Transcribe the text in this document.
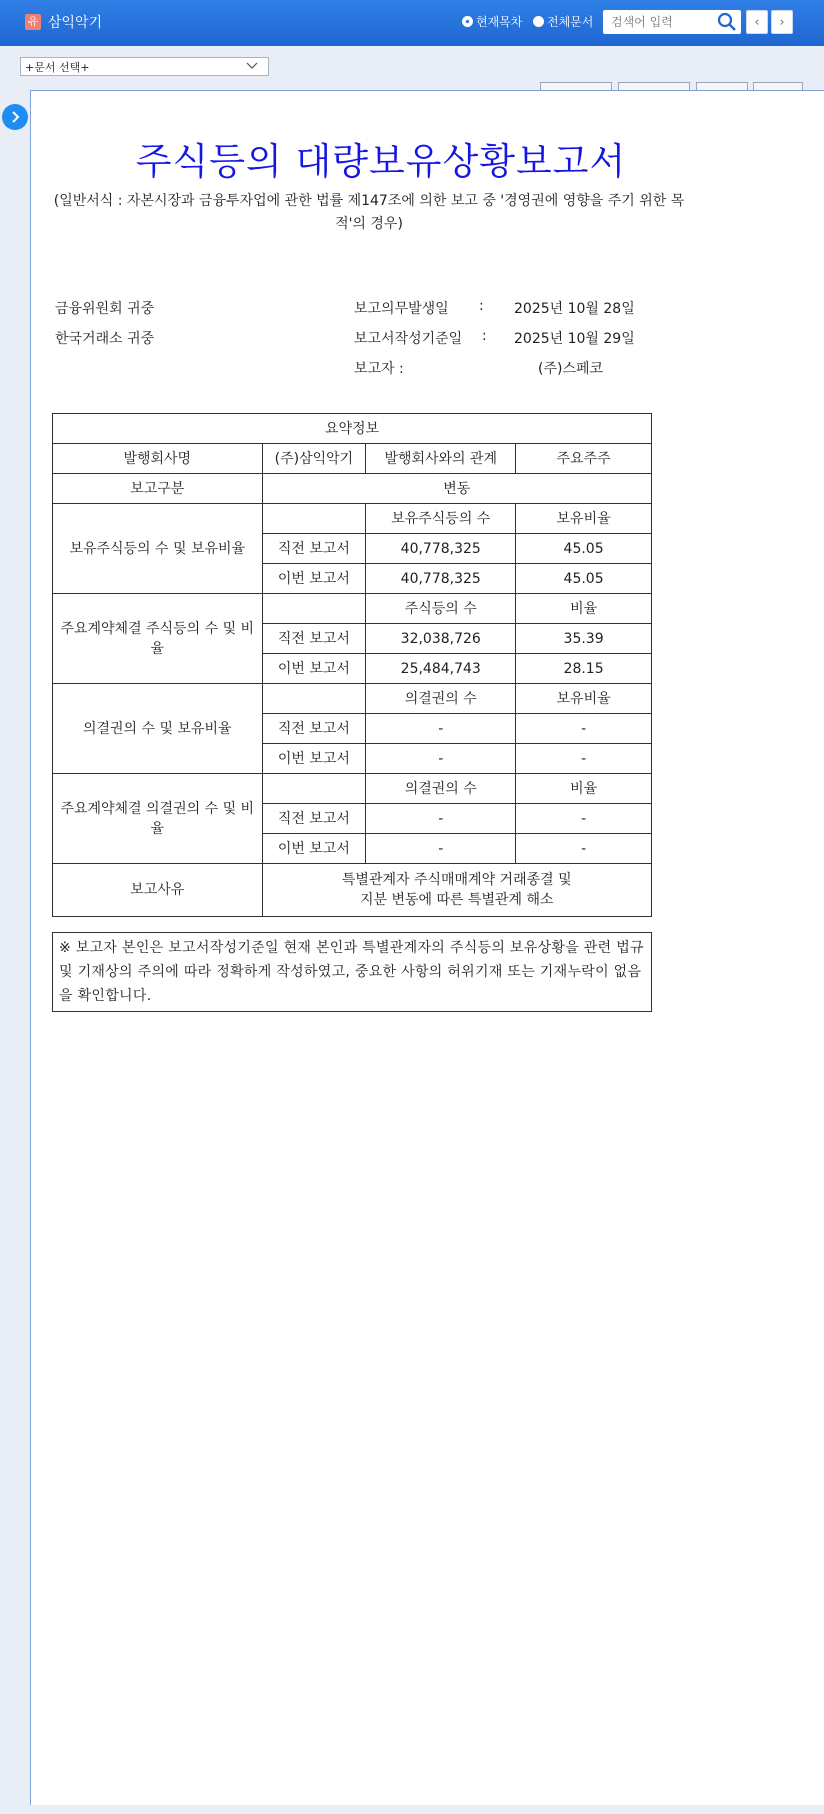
유 삼익악기	현재목차 전체문서
검색어 입력	‹ ›
+문서 선택+
주식등의 대량보유상황보고서
(일반서식 : 자본시장과 금융투자업에 관한 법률 제147조에 의한 보고 중 '경영권에 영향을 주기 위한 목적'의 경우)
금융위원회 귀중
한국거래소 귀중
보고의무발생일 : 2025년 10월 28일
보고서작성기준일 : 2025년 10월 29일
보고자 :	(주)스페코
요약정보			
발행회사명	(주)삼익악기	발행회사와의 관계	주요주주
보고구분	변동		
보유주식등의 수 및 보유비율		보유주식등의 수	보유비율
	직전 보고서	40,778,325	45.05
	이번 보고서	40,778,325	45.05
주요계약체결 주식등의 수 및 비율		주식등의 수	비율
	직전 보고서	32,038,726	35.39
	이번 보고서	25,484,743	28.15
의결권의 수 및 보유비율		의결권의 수	보유비율
	직전 보고서	-	-
	이번 보고서	-	-
주요계약체결 의결권의 수 및 비율		의결권의 수	비율
	직전 보고서	-	-
	이번 보고서	-	-
보고사유	특별관계자 주식매매계약 거래종결 및
지분 변동에 따른 특별관계 해소		
※ 보고자 본인은 보고서작성기준일 현재 본인과 특별관계자의 주식등의 보유상황을 관련 법규 및 기재상의 주의에 따라 정확하게 작성하였고, 중요한 사항의 허위기재 또는 기재누락이 없음을 확인합니다.
